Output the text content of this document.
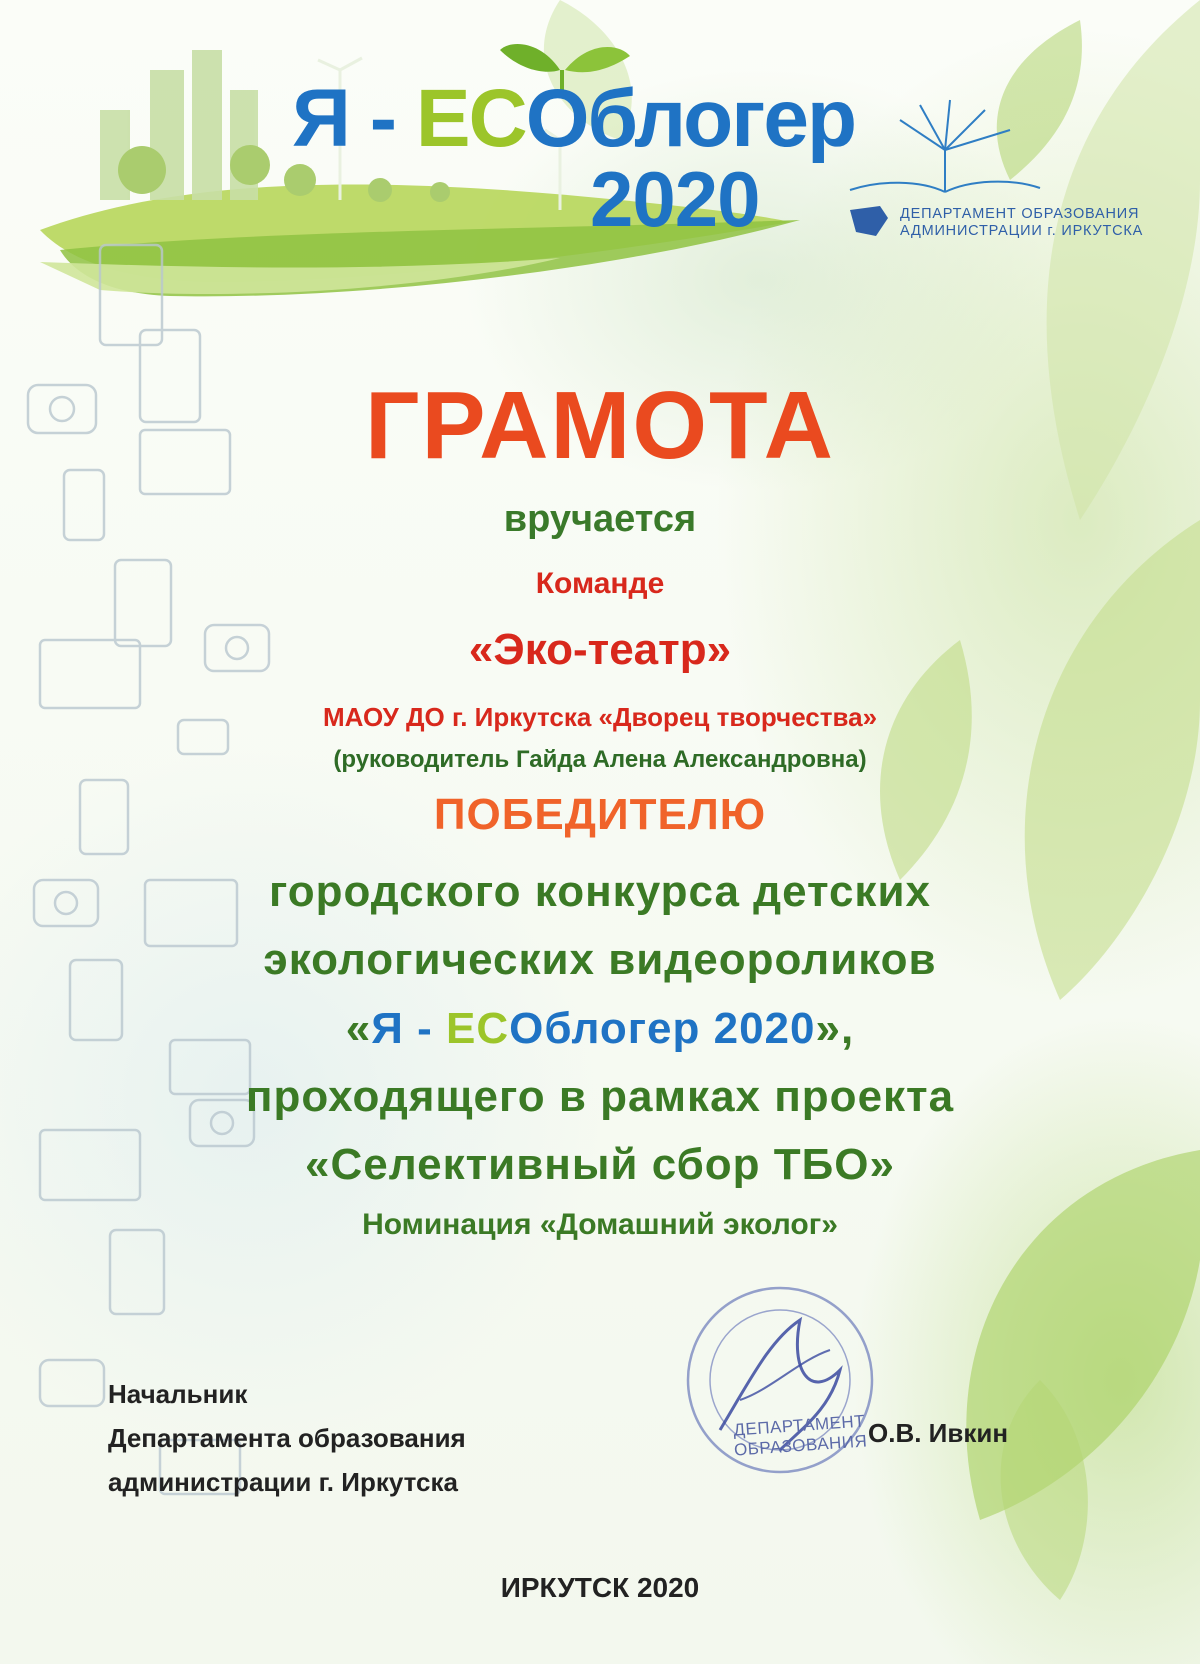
Я - ECOблогер
2020	ДЕПАРТАМЕНТ ОБРАЗОВАНИЯ
АДМИНИСТРАЦИИ г. ИРКУТСКА
ГРАМОТА
вручается
Команде
«Эко-театр»
МАОУ ДО г. Иркутска «Дворец творчества»
(руководитель Гайда Алена Александровна)
ПОБЕДИТЕЛЮ
городского конкурса детских
экологических видеороликов
«Я - ECOблогер 2020»,
проходящего в рамках проекта
«Селективный сбор ТБО»
Номинация «Домашний эколог»
Начальник
Департамента образования
администрации г. Иркутска
ДЕПАРТАМЕНТ
ОБРАЗОВАНИЯ О.В. Ивкин
ИРКУТСК 2020
